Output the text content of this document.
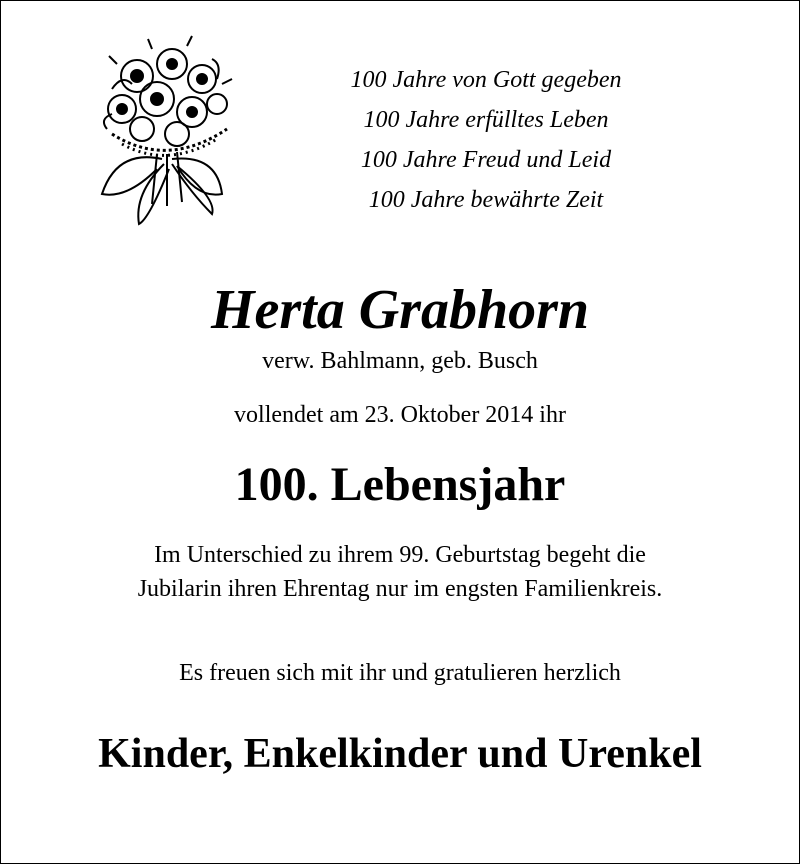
100 Jahre von Gott gegeben
100 Jahre erfülltes Leben
100 Jahre Freud und Leid
100 Jahre bewährte Zeit
Herta Grabhorn
verw. Bahlmann, geb. Busch
vollendet am 23. Oktober 2014 ihr
100. Lebensjahr
Im Unterschied zu ihrem 99. Geburtstag begeht die
Jubilarin ihren Ehrentag nur im engsten Familienkreis.
Es freuen sich mit ihr und gratulieren herzlich
Kinder, Enkelkinder und Urenkel
